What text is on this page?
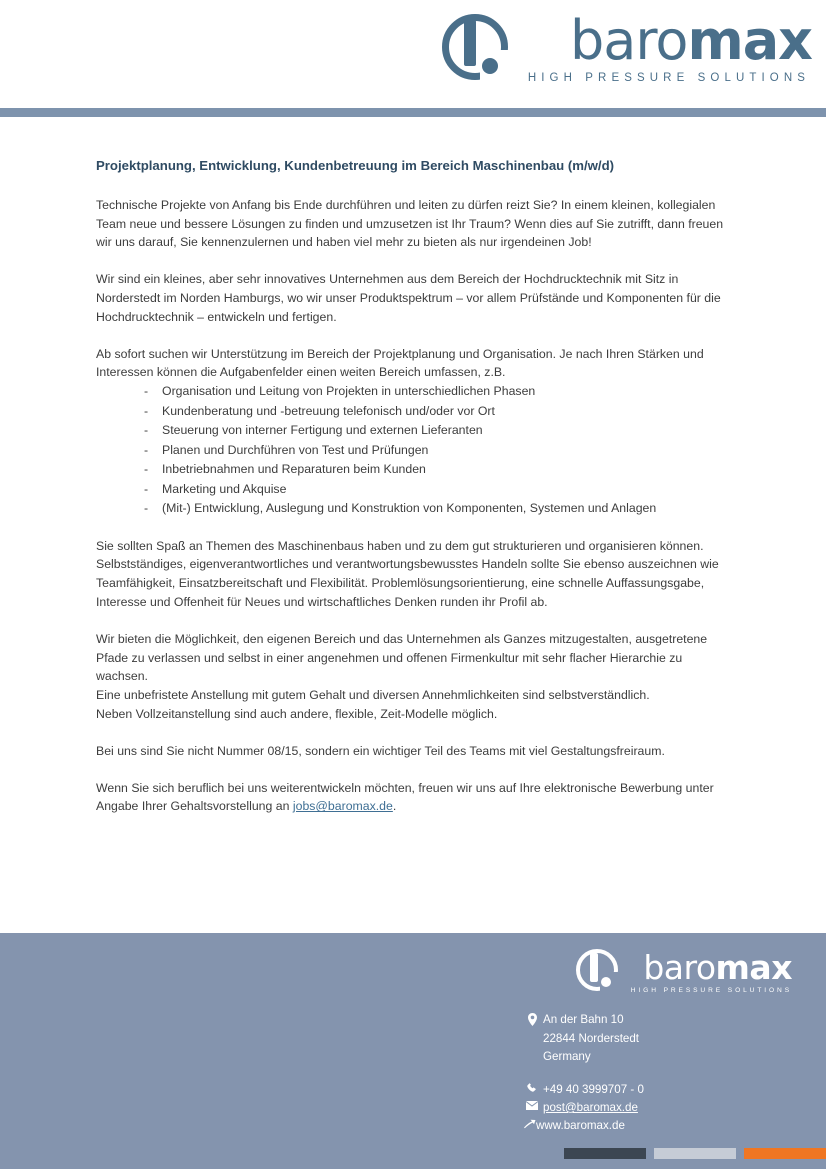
baromax
HIGH PRESSURE SOLUTIONS
Projektplanung, Entwicklung, Kundenbetreuung im Bereich Maschinenbau (m/w/d)

Technische Projekte von Anfang bis Ende durchführen und leiten zu dürfen reizt Sie? In einem kleinen, kollegialen Team neue und bessere Lösungen zu finden und umzusetzen ist Ihr Traum? Wenn dies auf Sie zutrifft, dann freuen wir uns darauf, Sie kennenzulernen und haben viel mehr zu bieten als nur irgendeinen Job!

Wir sind ein kleines, aber sehr innovatives Unternehmen aus dem Bereich der Hochdrucktechnik mit Sitz in Norderstedt im Norden Hamburgs, wo wir unser Produktspektrum – vor allem Prüfstände und Komponenten für die Hochdrucktechnik – entwickeln und fertigen.

Ab sofort suchen wir Unterstützung im Bereich der Projektplanung und Organisation. Je nach Ihren Stärken und Interessen können die Aufgabenfelder einen weiten Bereich umfassen, z.B.

- Organisation und Leitung von Projekten in unterschiedlichen Phasen
- Kundenberatung und -betreuung telefonisch und/oder vor Ort
- Steuerung von interner Fertigung und externen Lieferanten
- Planen und Durchführen von Test und Prüfungen
- Inbetriebnahmen und Reparaturen beim Kunden
- Marketing und Akquise
- (Mit-) Entwicklung, Auslegung und Konstruktion von Komponenten, Systemen und Anlagen

Sie sollten Spaß an Themen des Maschinenbaus haben und zu dem gut strukturieren und organisieren können. Selbstständiges, eigenverantwortliches und verantwortungsbewusstes Handeln sollte Sie ebenso auszeichnen wie Teamfähigkeit, Einsatzbereitschaft und Flexibilität. Problemlösungsorientierung, eine schnelle Auffassungsgabe, Interesse und Offenheit für Neues und wirtschaftliches Denken runden ihr Profil ab.

Wir bieten die Möglichkeit, den eigenen Bereich und das Unternehmen als Ganzes mitzugestalten, ausgetretene Pfade zu verlassen und selbst in einer angenehmen und offenen Firmenkultur mit sehr flacher Hierarchie zu wachsen.

Eine unbefristete Anstellung mit gutem Gehalt und diversen Annehmlichkeiten sind selbstverständlich.

Neben Vollzeitanstellung sind auch andere, flexible, Zeit-Modelle möglich.

Bei uns sind Sie nicht Nummer 08/15, sondern ein wichtiger Teil des Teams mit viel Gestaltungsfreiraum.

Wenn Sie sich beruflich bei uns weiterentwickeln möchten, freuen wir uns auf Ihre elektronische Bewerbung unter Angabe Ihrer Gehaltsvorstellung an jobs@baromax.de.

baromax
HIGH PRESSURE SOLUTIONS
An der Bahn 10
22844 Norderstedt
Germany
+49 40 3999707 - 0
post@baromax.de
www.baromax.de
